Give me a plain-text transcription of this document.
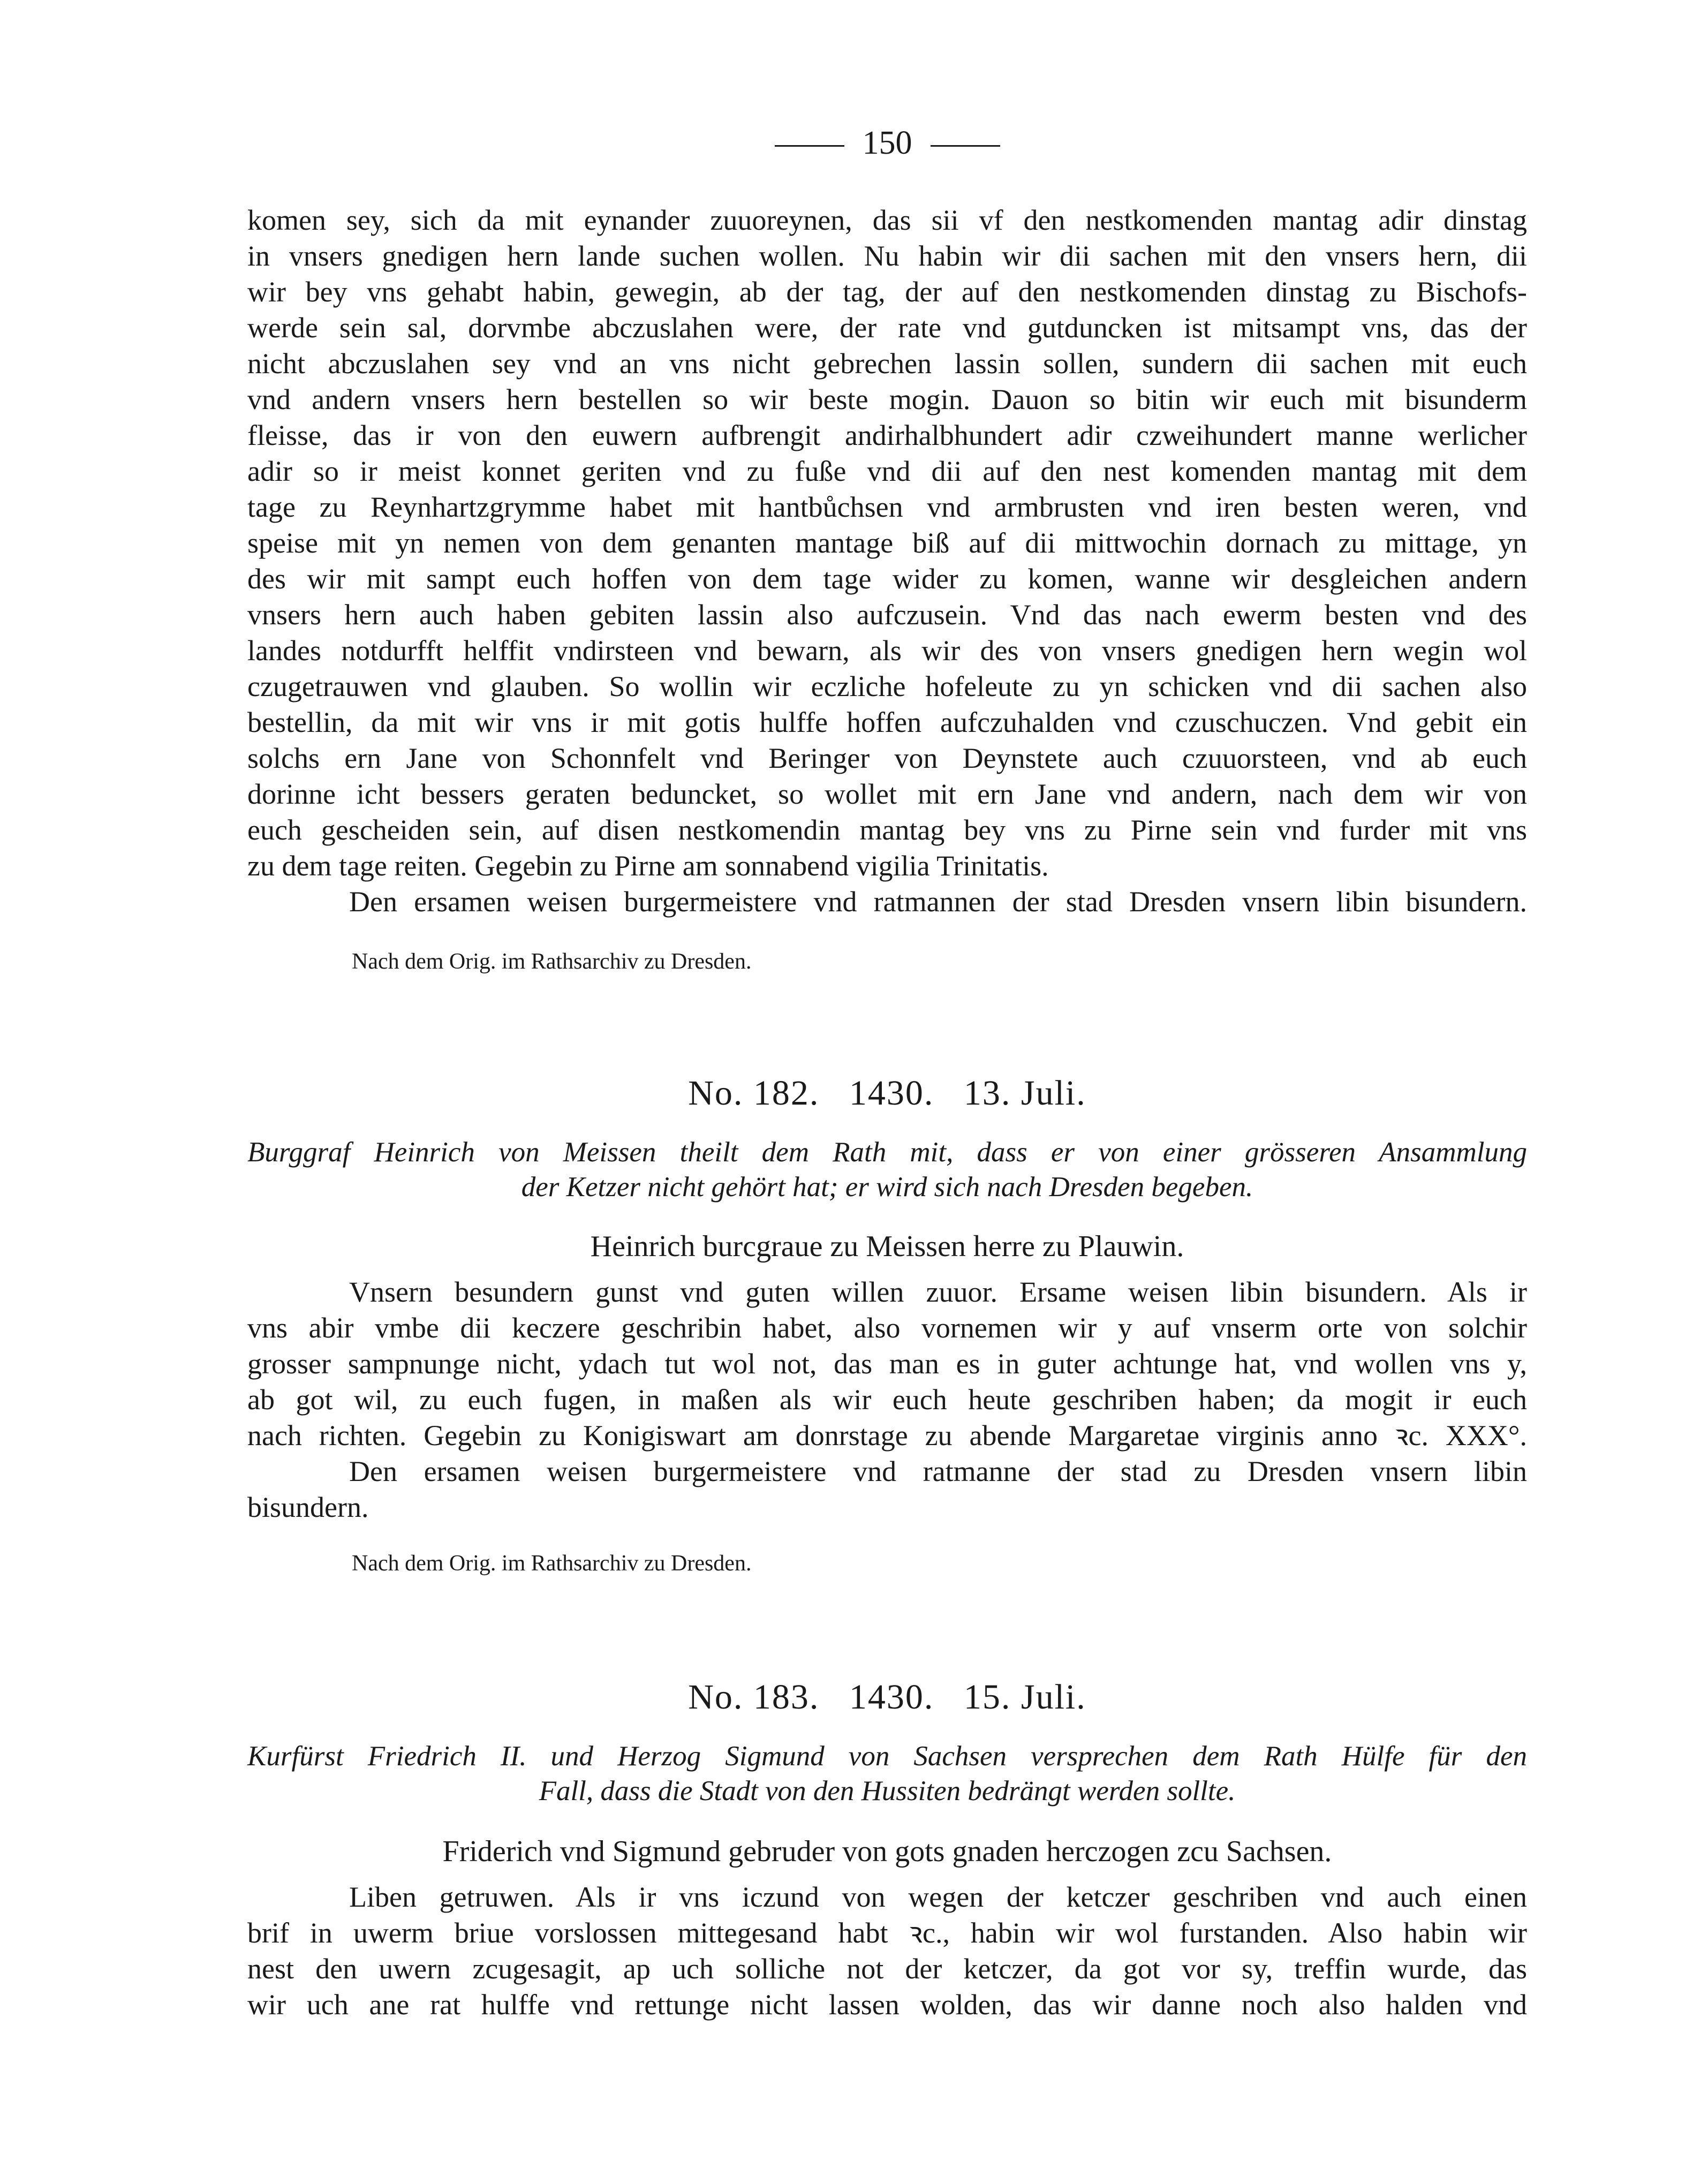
150
komen sey, sich da mit eynander zuuoreynen, das sii vf den nestkomenden mantag adir dinstag
in vnsers gnedigen hern lande suchen wollen. Nu habin wir dii sachen mit den vnsers hern, dii
wir bey vns gehabt habin, gewegin, ab der tag, der auf den nestkomenden dinstag zu Bischofs-
werde sein sal, dorvmbe abczuslahen were, der rate vnd gutduncken ist mitsampt vns, das der
nicht abczuslahen sey vnd an vns nicht gebrechen lassin sollen, sundern dii sachen mit euch
vnd andern vnsers hern bestellen so wir beste mogin. Dauon so bitin wir euch mit bisunderm
fleisse, das ir von den euwern aufbrengit andirhalbhundert adir czweihundert manne werlicher
adir so ir meist konnet geriten vnd zu fuße vnd dii auf den nest komenden mantag mit dem
tage zu Reynhartzgrymme habet mit hantbůchsen vnd armbrusten vnd iren besten weren, vnd
speise mit yn nemen von dem genanten mantage biß auf dii mittwochin dornach zu mittage, yn
des wir mit sampt euch hoffen von dem tage wider zu komen, wanne wir desgleichen andern
vnsers hern auch haben gebiten lassin also aufczusein. Vnd das nach ewerm besten vnd des
landes notdurfft helffit vndirsteen vnd bewarn, als wir des von vnsers gnedigen hern wegin wol
czugetrauwen vnd glauben. So wollin wir eczliche hofeleute zu yn schicken vnd dii sachen also
bestellin, da mit wir vns ir mit gotis hulffe hoffen aufczuhalden vnd czuschuczen. Vnd gebit ein
solchs ern Jane von Schonnfelt vnd Beringer von Deynstete auch czuuorsteen, vnd ab euch
dorinne icht bessers geraten beduncket, so wollet mit ern Jane vnd andern, nach dem wir von
euch gescheiden sein, auf disen nestkomendin mantag bey vns zu Pirne sein vnd furder mit vns
zu dem tage reiten. Gegebin zu Pirne am sonnabend vigilia Trinitatis.
Den ersamen weisen burgermeistere vnd ratmannen der stad Dresden vnsern libin bisundern.
Nach dem Orig. im Rathsarchiv zu Dresden.
No. 182.   1430.   13. Juli.
Burggraf Heinrich von Meissen theilt dem Rath mit, dass er von einer grösseren Ansammlung
der Ketzer nicht gehört hat; er wird sich nach Dresden begeben.
Heinrich burcgraue zu Meissen herre zu Plauwin.
Vnsern besundern gunst vnd guten willen zuuor. Ersame weisen libin bisundern. Als ir
vns abir vmbe dii keczere geschribin habet, also vornemen wir y auf vnserm orte von solchir
grosser sampnunge nicht, ydach tut wol not, das man es in guter achtunge hat, vnd wollen vns y,
ab got wil, zu euch fugen, in maßen als wir euch heute geschriben haben; da mogit ir euch
nach richten. Gegebin zu Konigiswart am donrstage zu abende Margaretae virginis anno ꝛc. XXX°.
Den ersamen weisen burgermeistere vnd ratmanne der stad zu Dresden vnsern libin
bisundern.
Nach dem Orig. im Rathsarchiv zu Dresden.
No. 183.   1430.   15. Juli.
Kurfürst Friedrich II. und Herzog Sigmund von Sachsen versprechen dem Rath Hülfe für den
Fall, dass die Stadt von den Hussiten bedrängt werden sollte.
Friderich vnd Sigmund gebruder von gots gnaden herczogen zcu Sachsen.
Liben getruwen. Als ir vns iczund von wegen der ketczer geschriben vnd auch einen
brif in uwerm briue vorslossen mittegesand habt ꝛc., habin wir wol furstanden. Also habin wir
nest den uwern zcugesagit, ap uch solliche not der ketczer, da got vor sy, treffin wurde, das
wir uch ane rat hulffe vnd rettunge nicht lassen wolden, das wir danne noch also halden vnd
